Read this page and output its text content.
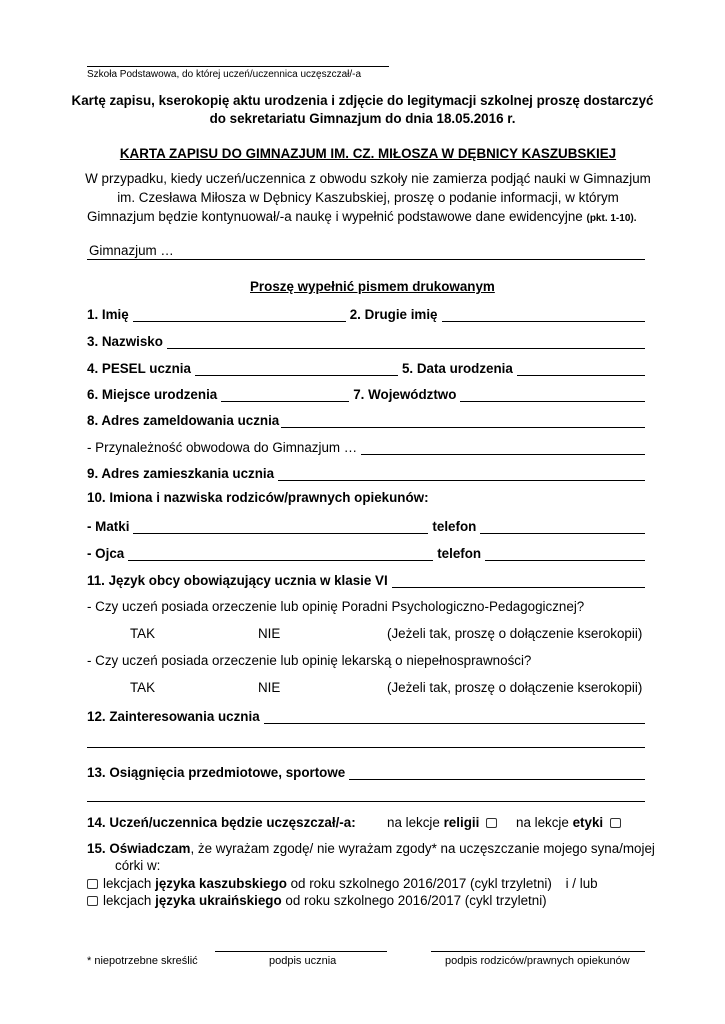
Szkoła Podstawowa, do której uczeń/uczennica uczęszczał/-a
Kartę zapisu, kserokopię aktu urodzenia i zdjęcie do legitymacji szkolnej proszę dostarczyć
do sekretariatu Gimnazjum do dnia 18.05.2016 r.
KARTA ZAPISU DO GIMNAZJUM IM. CZ. MIŁOSZA W DĘBNICY KASZUBSKIEJ
W przypadku, kiedy uczeń/uczennica z obwodu szkoły nie zamierza podjąć nauki w Gimnazjum
im. Czesława Miłosza w Dębnicy Kaszubskiej, proszę o podanie informacji, w którym
Gimnazjum będzie kontynuował/-a naukę i wypełnić podstawowe dane ewidencyjne (pkt. 1-10).
Gimnazjum …
Proszę wypełnić pismem drukowanym
1. Imię	2. Drugie imię
3. Nazwisko
4. PESEL ucznia	5. Data urodzenia
6. Miejsce urodzenia	7. Województwo
8. Adres zameldowania ucznia
- Przynależność obwodowa do Gimnazjum …
9. Adres zamieszkania ucznia
10. Imiona i nazwiska rodziców/prawnych opiekunów:
- Matki	telefon
- Ojca	telefon
11. Język obcy obowiązujący ucznia w klasie VI
- Czy uczeń posiada orzeczenie lub opinię Poradni Psychologiczno-Pedagogicznej?
TAK	NIE	(Jeżeli tak, proszę o dołączenie kserokopii)
- Czy uczeń posiada orzeczenie lub opinię lekarską o niepełnosprawności?
TAK	NIE	(Jeżeli tak, proszę o dołączenie kserokopii)
12. Zainteresowania ucznia
13. Osiągnięcia przedmiotowe, sportowe
14. Uczeń/uczennica będzie uczęszczał/-a: na lekcje religii	na lekcje etyki
15. Oświadczam, że wyrażam zgodę/ nie wyrażam zgody* na uczęszczanie mojego syna/mojej
córki w:
lekcjach języka kaszubskiego od roku szkolnego 2016/2017 (cykl trzyletni) i / lub
lekcjach języka ukraińskiego od roku szkolnego 2016/2017 (cykl trzyletni)
* niepotrzebne skreślić	podpis ucznia	podpis rodziców/prawnych opiekunów
